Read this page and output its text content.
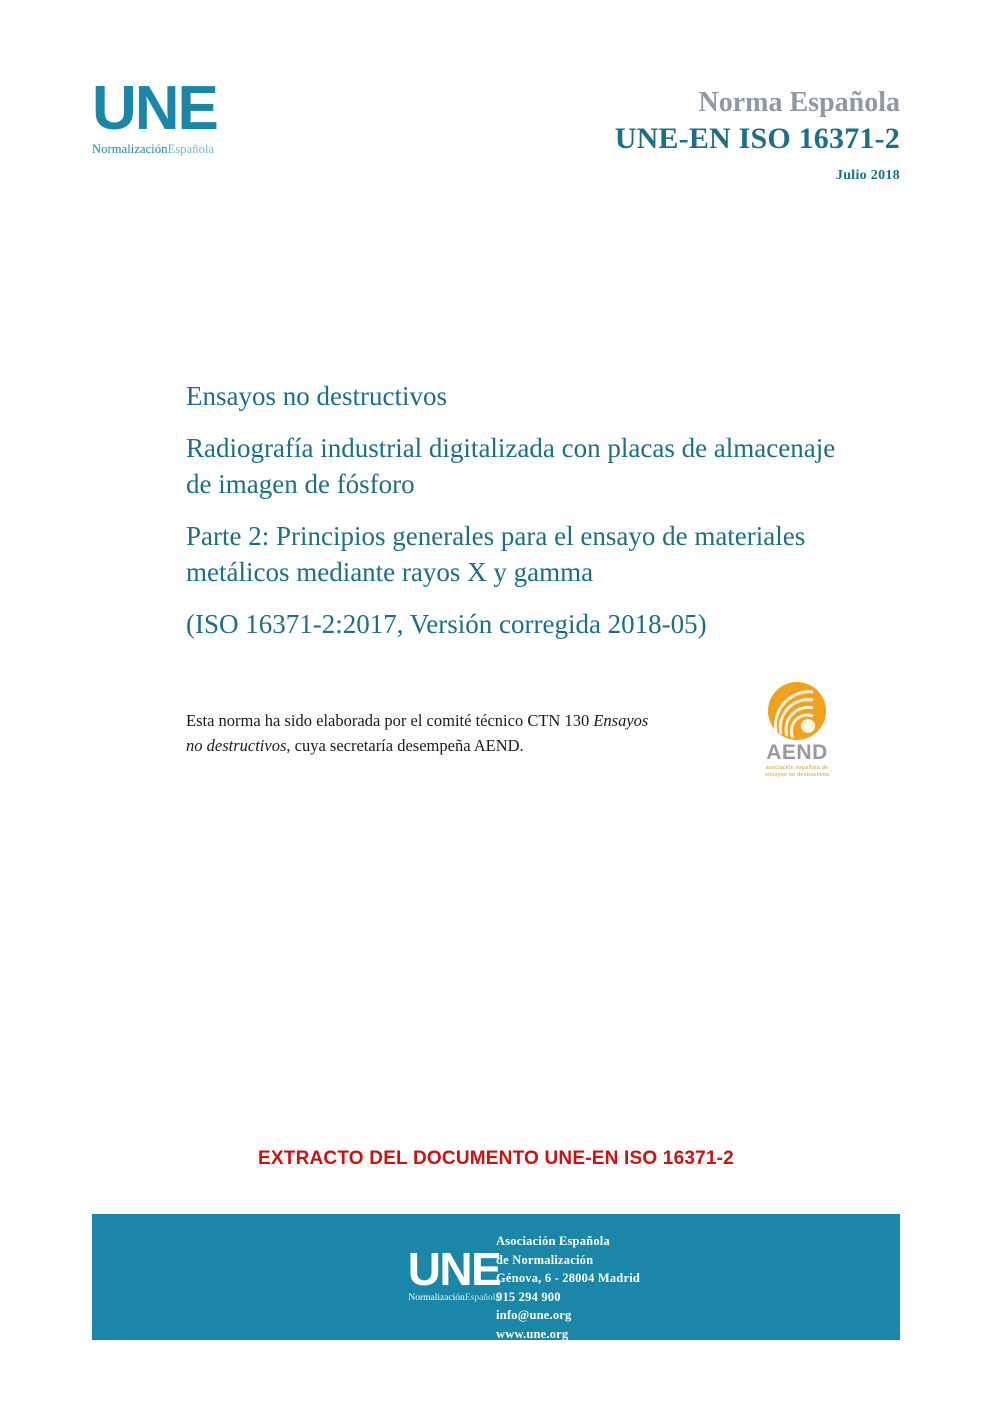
UNE
NormalizaciónEspañola
Norma Española
UNE-EN ISO 16371-2
Julio 2018
Ensayos no destructivos
Radiografía industrial digitalizada con placas de almacenaje de imagen de fósforo
Parte 2: Principios generales para el ensayo de materiales metálicos mediante rayos X y gamma
(ISO 16371-2:2017, Versión corregida 2018-05)
Esta norma ha sido elaborada por el comité técnico CTN 130 Ensayos no destructivos, cuya secretaría desempeña AEND.	AEND
asociación española de
ensayos no destructivos
EXTRACTO DEL DOCUMENTO UNE-EN ISO 16371-2
UNE
NormalizaciónEspañola
Asociación Española
de Normalización
Génova, 6 - 28004 Madrid
915 294 900
info@une.org
www.une.org
